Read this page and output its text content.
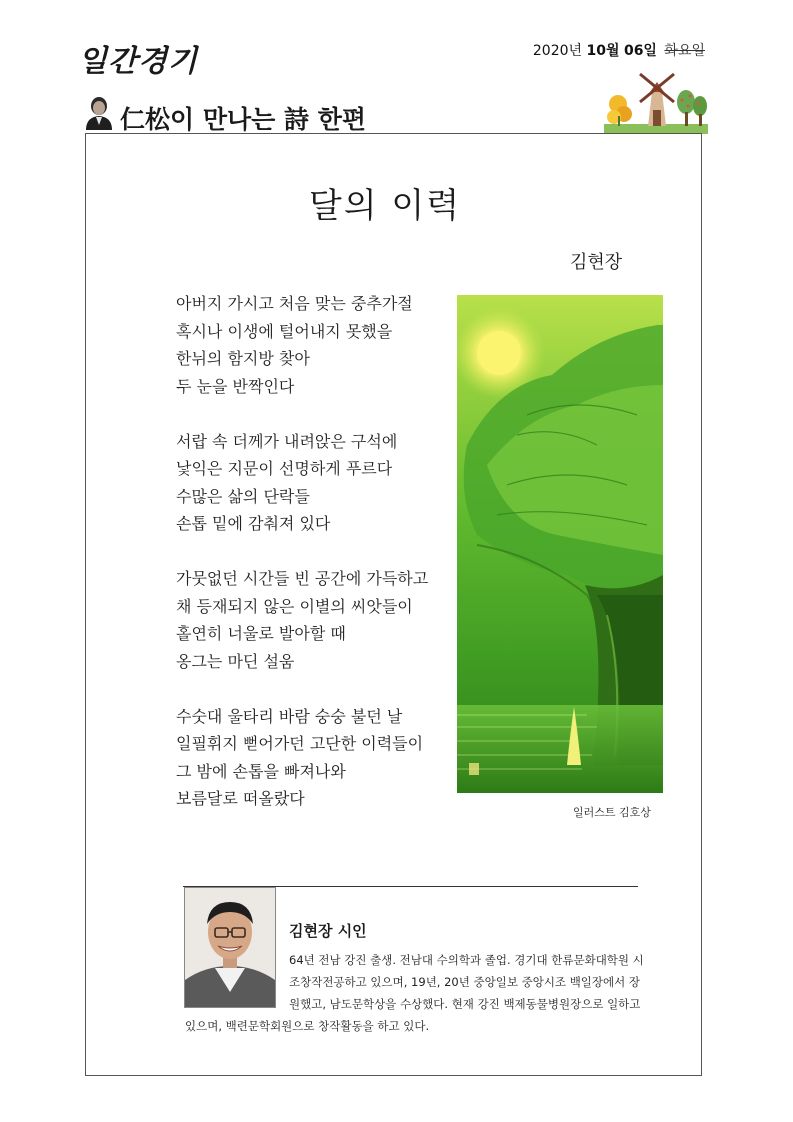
일간경기	2020년 10월 06일 화요일
仁松이 만나는 詩 한편
달의 이력
김현장
아버지 가시고 처음 맞는 중추가절
혹시나 이생에 털어내지 못했을
한뉘의 함지방 찾아
두 눈을 반짝인다
서랍 속 더께가 내려앉은 구석에
낯익은 지문이 선명하게 푸르다
수많은 삶의 단락들
손톱 밑에 감춰져 있다
가뭇없던 시간들 빈 공간에 가득하고
채 등재되지 않은 이별의 씨앗들이
홀연히 너울로 발아할 때
옹그는 마딘 설움
수숫대 울타리 바람 숭숭 불던 날
일필휘지 뻗어가던 고단한 이력들이
그 밤에 손톱을 빠져나와
보름달로 떠올랐다
일러스트 김호상
김현장 시인
64년 전남 강진 출생. 전남대 수의학과 졸업. 경기대 한류문화대학원 시
조창작전공하고 있으며, 19년, 20년 중앙일보 중앙시조 백일장에서 장
원했고, 남도문학상을 수상했다. 현재 강진 백제동물병원장으로 일하고
있으며, 백련문학회원으로 창작활동을 하고 있다.
